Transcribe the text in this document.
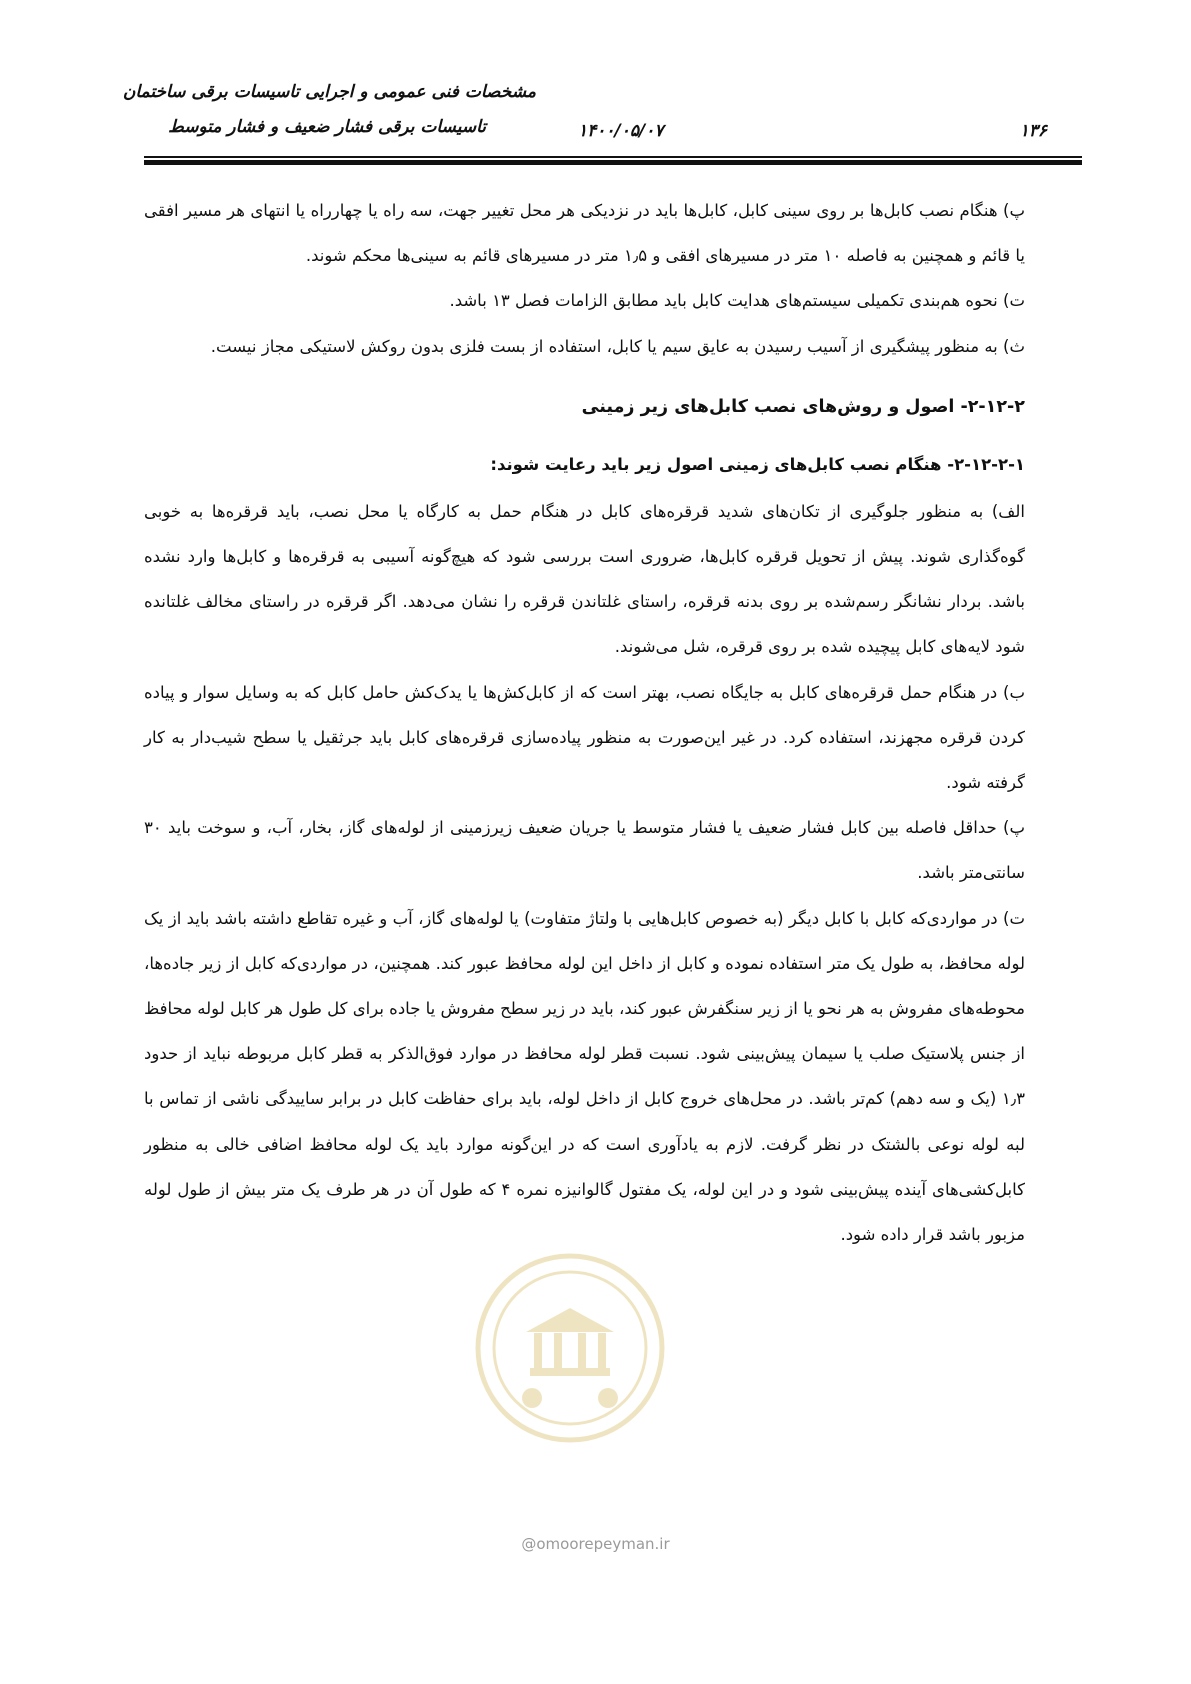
مشخصات فنی عمومی و اجرایی تاسیسات برقی ساختمان
تاسیسات برقی فشار ضعیف و فشار متوسط	۱۴۰۰/۰۵/۰۷	۱۳۶

پ) هنگام نصب کابل‌ها بر روی سینی کابل، کابل‌ها باید در نزدیکی هر محل تغییر جهت، سه راه یا چهارراه یا انتهای هر مسیر افقی یا قائم و همچنین به فاصله ۱۰ متر در مسیرهای افقی و ۱٫۵ متر در مسیرهای قائم به سینی‌ها محکم شوند.

ت) نحوه هم‌بندی تکمیلی سیستم‌های هدایت کابل باید مطابق الزامات فصل ۱۳ باشد.

ث) به منظور پیشگیری از آسیب رسیدن به عایق سیم یا کابل، استفاده از بست فلزی بدون روکش لاستیکی مجاز نیست.

۲-۱۲-۲- اصول و روش‌های نصب کابل‌های زیر زمینی
۲-۱۲-۲-۱- هنگام نصب کابل‌های زمینی اصول زیر باید رعایت شوند:

الف) به منظور جلوگیری از تکان‌های شدید قرقره‌های کابل در هنگام حمل به کارگاه یا محل نصب، باید قرقره‌ها به خوبی گوه‌گذاری شوند. پیش از تحویل قرقره کابل‌ها، ضروری است بررسی شود که هیچ‌گونه آسیبی به قرقره‌ها و کابل‌ها وارد نشده باشد. بردار نشانگر رسم‌شده بر روی بدنه قرقره، راستای غلتاندن قرقره را نشان می‌دهد. اگر قرقره در راستای مخالف غلتانده شود لایه‌های کابل پیچیده شده بر روی قرقره، شل می‌شوند.

ب) در هنگام حمل قرقره‌های کابل به جایگاه نصب، بهتر است که از کابل‌کش‌ها یا یدک‌کش حامل کابل که به وسایل سوار و پیاده کردن قرقره مجهزند، استفاده کرد. در غیر این‌صورت به منظور پیاده‌سازی قرقره‌های کابل باید جرثقیل یا سطح شیب‌دار به کار گرفته شود.

پ) حداقل فاصله بین کابل فشار ضعیف یا فشار متوسط یا جریان ضعیف زیرزمینی از لوله‌های گاز، بخار، آب، و سوخت باید ۳۰ سانتی‌متر باشد.

ت) در مواردی‌که کابل با کابل دیگر (به خصوص کابل‌هایی با ولتاژ متفاوت) یا لوله‌های گاز، آب و غیره تقاطع داشته باشد باید از یک لوله محافظ، به طول یک متر استفاده نموده و کابل از داخل این لوله محافظ عبور کند. همچنین، در مواردی‌که کابل از زیر جاده‌ها، محوطه‌های مفروش به هر نحو یا از زیر سنگفرش عبور کند، باید در زیر سطح مفروش یا جاده برای کل طول هر کابل لوله محافظ از جنس پلاستیک صلب یا سیمان پیش‌بینی شود. نسبت قطر لوله محافظ در موارد فوق‌الذکر به قطر کابل مربوطه نباید از حدود ۱٫۳ (یک و سه دهم) کم‌تر باشد. در محل‌های خروج کابل از داخل لوله، باید برای حفاظت کابل در برابر ساییدگی ناشی از تماس با لبه لوله نوعی بالشتک در نظر گرفت. لازم به یادآوری است که در این‌گونه موارد باید یک لوله محافظ اضافی خالی به منظور کابل‌کشی‌های آینده پیش‌بینی شود و در این لوله، یک مفتول گالوانیزه نمره ۴ که طول آن در هر طرف یک متر بیش از طول لوله مزبور باشد قرار داده شود.

@omoorepeyman.ir
